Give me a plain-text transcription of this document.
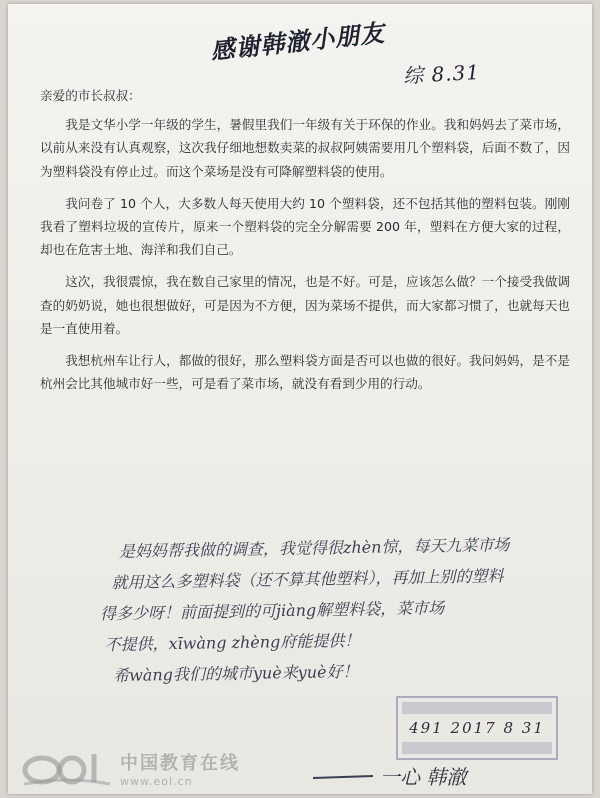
感谢韩澈小朋友
综 8.31
亲爱的市长叔叔：

我是文华小学一年级的学生，暑假里我们一年级有关于环保的作业。我和妈妈去了菜市场，以前从来没有认真观察，这次我仔细地想数卖菜的叔叔阿姨需要用几个塑料袋，后面不数了，因为塑料袋没有停止过。而这个菜场是没有可降解塑料袋的使用。

我问卷了 10 个人，大多数人每天使用大约 10 个塑料袋，还不包括其他的塑料包装。刚刚我看了塑料垃圾的宣传片，原来一个塑料袋的完全分解需要 200 年，塑料在方便大家的过程，却也在危害土地、海洋和我们自己。

这次，我很震惊，我在数自己家里的情况，也是不好。可是，应该怎么做？一个接受我做调查的奶奶说，她也很想做好，可是因为不方便，因为菜场不提供，而大家都习惯了，也就每天也是一直使用着。

我想杭州车让行人，都做的很好，那么塑料袋方面是否可以也做的很好。我问妈妈，是不是杭州会比其他城市好一些，可是看了菜市场，就没有看到少用的行动。

是妈妈帮我做的调查，我觉得很zhèn惊，每天九菜市场
就用这么多塑料袋（还不算其他塑料），再加上别的塑料
得多少呀！前面提到的可jiàng解塑料袋，菜市场
不提供，xīwàng zhèng府能提供！
希wàng我们的城市yuè来yuè好！
491 2017 8 31
一心 韩澈
中国教育在线
www.eol.cn
